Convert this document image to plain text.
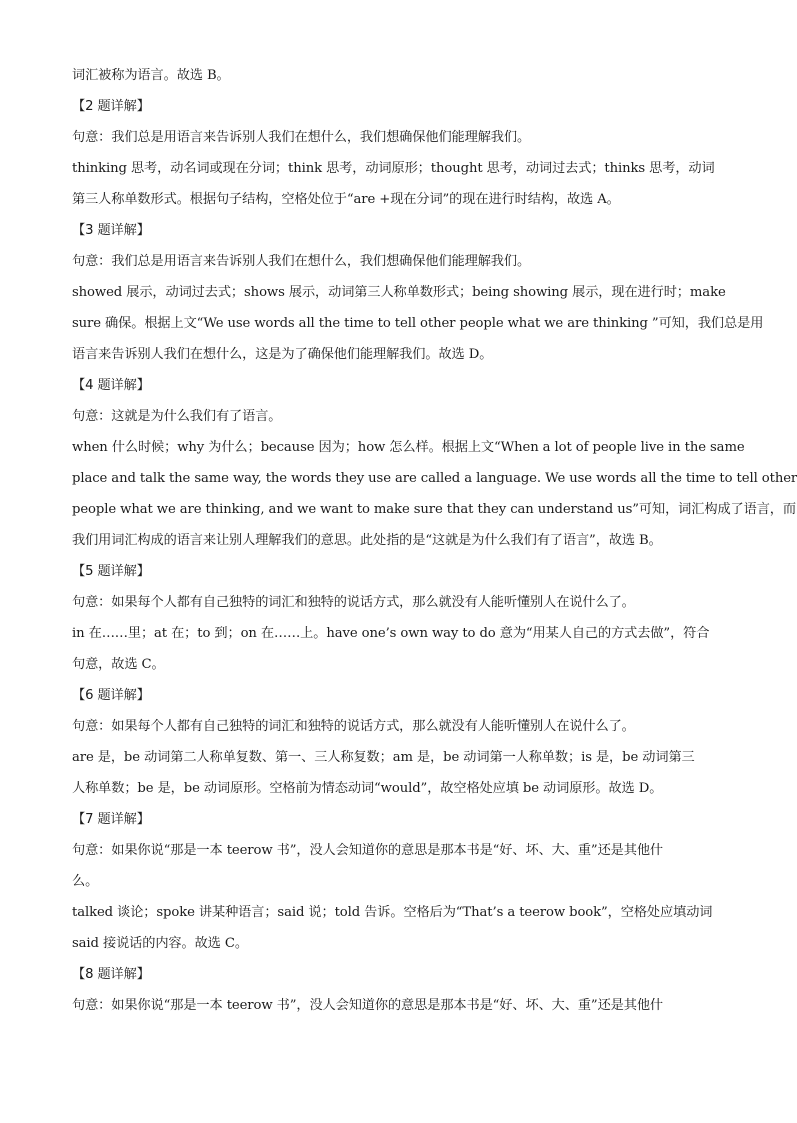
词汇被称为语言。故选 B。
【2 题详解】
句意：我们总是用语言来告诉别人我们在想什么，我们想确保他们能理解我们。
thinking 思考，动名词或现在分词；think 思考，动词原形；thought 思考，动词过去式；thinks 思考，动词
第三人称单数形式。根据句子结构，空格处位于“are +现在分词”的现在进行时结构，故选 A。
【3 题详解】
句意：我们总是用语言来告诉别人我们在想什么，我们想确保他们能理解我们。
showed 展示，动词过去式；shows 展示，动词第三人称单数形式；being showing 展示，现在进行时；make
sure 确保。根据上文“We use words all the time to tell other people what we are thinking ”可知，我们总是用
语言来告诉别人我们在想什么，这是为了确保他们能理解我们。故选 D。
【4 题详解】
句意：这就是为什么我们有了语言。
when 什么时候；why 为什么；because 因为；how 怎么样。根据上文“When a lot of people live in the same
place and talk the same way, the words they use are called a language. We use words all the time to tell other
people what we are thinking, and we want to make sure that they can understand us”可知，词汇构成了语言，而
我们用词汇构成的语言来让别人理解我们的意思。此处指的是“这就是为什么我们有了语言”，故选 B。
【5 题详解】
句意：如果每个人都有自己独特的词汇和独特的说话方式，那么就没有人能听懂别人在说什么了。
in 在……里；at 在；to 到；on 在……上。have one’s own way to do 意为“用某人自己的方式去做”，符合
句意，故选 C。
【6 题详解】
句意：如果每个人都有自己独特的词汇和独特的说话方式，那么就没有人能听懂别人在说什么了。
are 是，be 动词第二人称单复数、第一、三人称复数；am 是，be 动词第一人称单数；is 是，be 动词第三
人称单数；be 是，be 动词原形。空格前为情态动词“would”，故空格处应填 be 动词原形。故选 D。
【7 题详解】
句意：如果你说“那是一本 teerow 书”，没人会知道你的意思是那本书是“好、坏、大、重”还是其他什
么。
talked 谈论；spoke 讲某种语言；said 说；told 告诉。空格后为“That’s a teerow book”，空格处应填动词
said 接说话的内容。故选 C。
【8 题详解】
句意：如果你说“那是一本 teerow 书”，没人会知道你的意思是那本书是“好、坏、大、重”还是其他什
